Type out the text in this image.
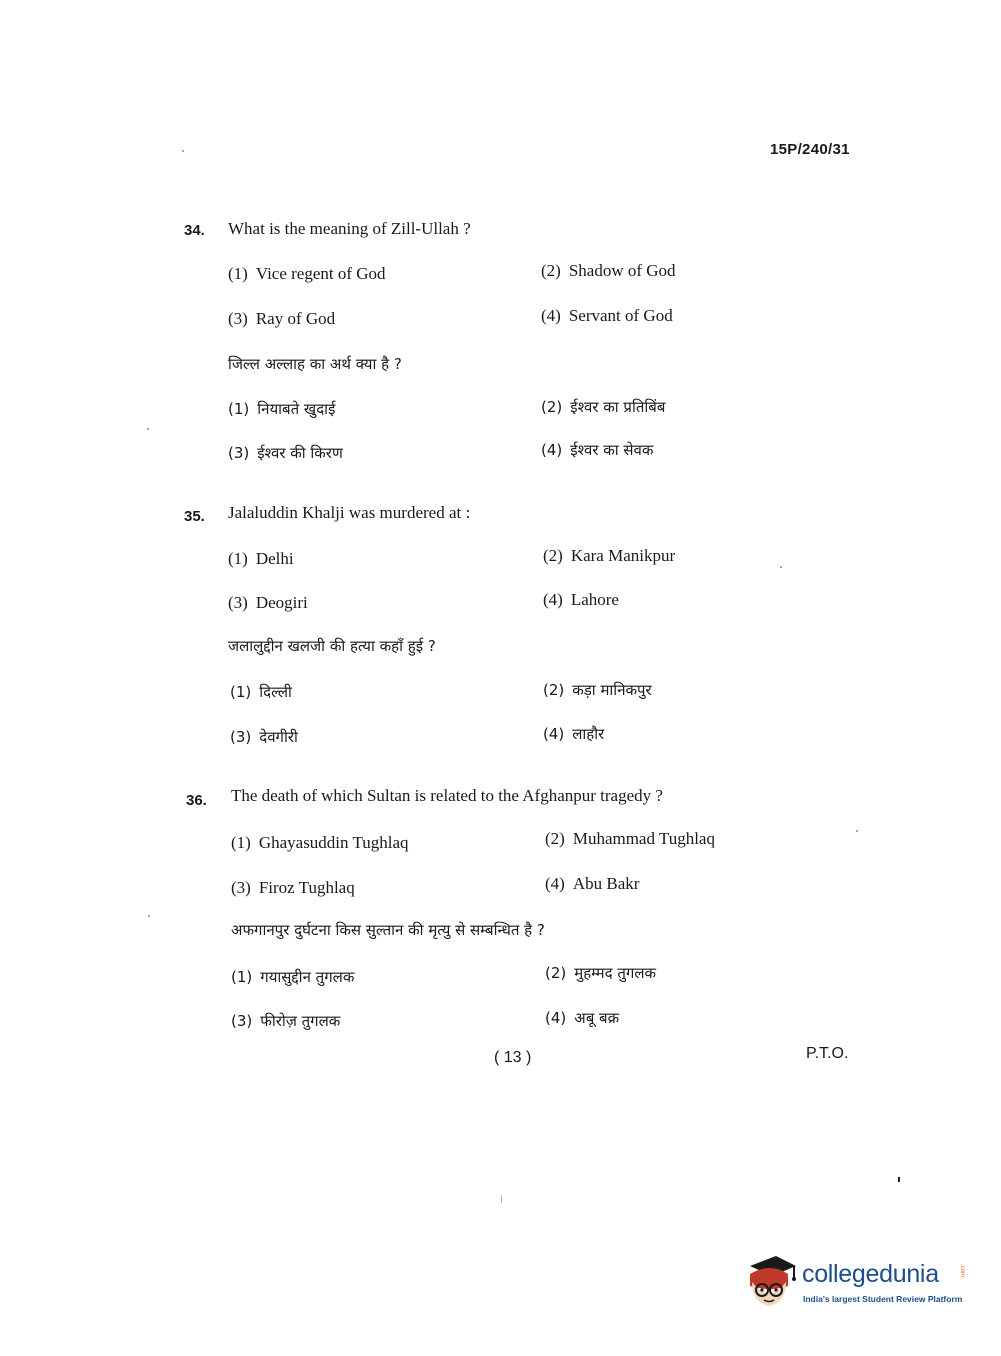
15P/240/31
34. What is the meaning of Zill-Ullah ?
(1) Vice regent of God	(2) Shadow of God
(3) Ray of God	(4) Servant of God
जिल्ल अल्लाह का अर्थ क्या है ?
(1) नियाबते खुदाई	(2) ईश्वर का प्रतिबिंब
(3) ईश्वर की किरण	(4) ईश्वर का सेवक
35. Jalaluddin Khalji was murdered at :
(1) Delhi	(2) Kara Manikpur
(3) Deogiri	(4) Lahore
जलालुद्दीन खलजी की हत्या कहाँ हुई ?
(1) दिल्ली	(2) कड़ा मानिकपुर
(3) देवगीरी	(4) लाहौर
36. The death of which Sultan is related to the Afghanpur tragedy ?
(1) Ghayasuddin Tughlaq	(2) Muhammad Tughlaq
(3) Firoz Tughlaq	(4) Abu Bakr
अफगानपुर दुर्घटना किस सुल्तान की मृत्यु से सम्बन्धित है ?
(1) गयासुद्दीन तुगलक	(2) मुहम्मद तुगलक
(3) फीरोज़ तुगलक	(4) अबू बक्र
( 13 )	P.T.O.
collegedunia	.com
India's largest Student Review Platform
